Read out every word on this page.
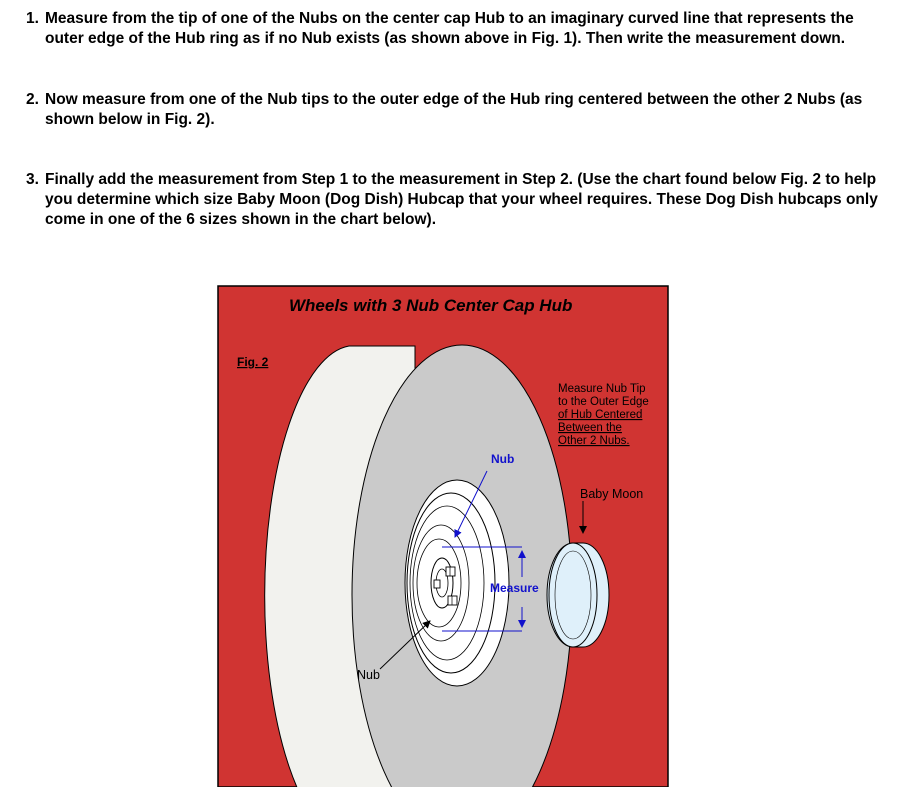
1. Measure from the tip of one of the Nubs on the center cap Hub to an imaginary curved line that represents the outer edge of the Hub ring as if no Nub exists (as shown above in Fig. 1). Then write the measurement down.

2. Now measure from one of the Nub tips to the outer edge of the Hub ring centered between the other 2 Nubs (as shown below in Fig. 2).

3. Finally add the measurement from Step 1 to the measurement in Step 2. (Use the chart found below Fig. 2 to help you determine which size Baby Moon (Dog Dish) Hubcap that your wheel requires. These Dog Dish hubcaps only come in one of the 6 sizes shown in the chart below).

Wheels with 3 Nub Center Cap Hub
Fig. 2
Measure Nub Tip to the Outer Edge of Hub Centered Between the Other 2 Nubs.
Nub
Measure
Nub
Baby Moon
